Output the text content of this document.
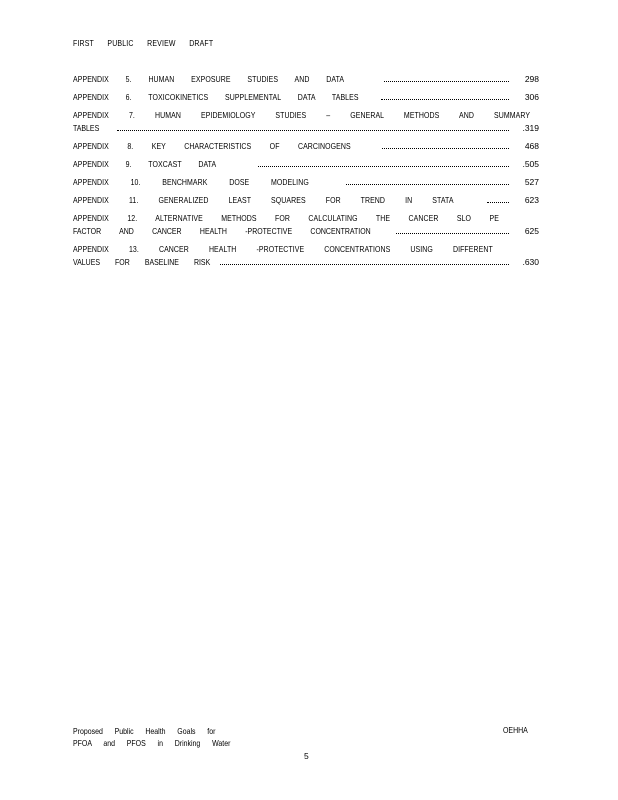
FIRST PUBLIC REVIEW DRAFT
APPENDIX 5. HUMAN EXPOSURE STUDIES AND DATA	298
APPENDIX 6. TOXICOKINETICS SUPPLEMENTAL DATA TABLES	306
APPENDIX 7. HUMAN EPIDEMIOLOGY STUDIES – GENERAL METHODS AND SUMMARY
TABLES	.319
APPENDIX 8. KEY CHARACTERISTICS OF CARCINOGENS	468
APPENDIX 9. TOXCAST DATA	.505
APPENDIX 10. BENCHMARK DOSE MODELING	527
APPENDIX 11. GENERALIZED LEAST SQUARES FOR TREND IN STATA	623
APPENDIX 12. ALTERNATIVE METHODS FOR CALCULATING THE CANCER SLO PE
FACTOR AND CANCER HEALTH -PROTECTIVE CONCENTRATION	625
APPENDIX 13. CANCER HEALTH -PROTECTIVE CONCENTRATIONS USING DIFFERENT
VALUES FOR BASELINE RISK	.630
Proposed Public Health Goals for
PFOA and PFOS in Drinking Water
OEHHA
5
